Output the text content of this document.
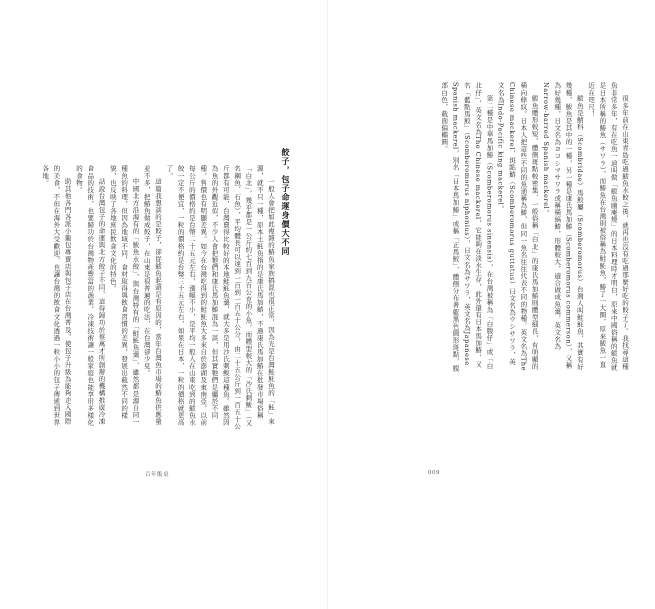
餃子，包子命運身價大不同

一般人會把如此複雜的鰆魚家族搞混也很正常，因為光是台灣鮭魠魚的「魠」來源，就不只一種，原本土魠魚指的是康氏馬加鰆，不過康氏馬加鰆在批發市場俗稱「白北」，幾乎都是一公斤約七百到九百公克的小魚，而體型較大的「沙氏刺鲅」（又名鋼魚、石魚），平均體長可以達到一百到一百五十公分，由二十五公斤到一百五十公斤都有可能，台灣賣得比較好的本地鮭魠魚羹，就大多是用沙氏刺鲅這種魚。雖然因為魚的外觀近似，不少人會把牠們和康氏馬加鰆混為一談，但其實牠們是屬於不同種，售價也有明顯差異。如今在台灣吃得到的鮭魠魚大多來自於澎湖及東南亞，以前每公斤的價格約是台幣二十五元左右，漲幅不小，是平均一般人在山東吃到的鮁魚水餃一定不便宜，一粒的價格約是台幣三十五元左右，如果在日本，一粒的價格就更高了。

這篇我想談的是餃子，卻從鮁魚起頭是有原因的，當年台灣魚市場的鰆魚供應量並不多，把鰆魚做成餃子，在山東是很普遍的吃法，在台灣卻少見。

中國北方沿海有的「鮁魚水餃」，與台灣特有的「鮭魠魚羹」，雖然都是源自同一種魚的料理，但因為地域不同、食材取得與飲食習慣的差異，發展出截然不同的樣貌，也反映了各地庶民飲食文化的特色。

話說台灣包子的命運與北方餃子不同，這得歸功於蔡萬才所創辦的機構推廣冷凍食品的技術，也要歸功於台灣物產豐富的漁業，冷凍技術讓一般家庭也能享用多樣化的食物。

助其他各門各派小籠包專賣店與包子店在台灣普及，使包子升級為能夠走入國際的美食，不但在海外大受歡迎，也讓台灣的飲食文化透過一粒小小的包子傳遞到世界各地。

百年飯桌

很多年前在山東青島吃過鮁魚水餃之後，就再也沒有吃過那麼好吃的餃子了。我找尋這種魚非常多年，有在吃魚一道叫做「鮁魚幽庵燒」的日本料理時才明白，原來中國俗稱的鮁魚就是日本所稱的鰆魚（サワラ），而鰆魚在台灣則被俗稱為鮭魠魚，鰆了一大圈，原來鮁魚一直近在咫尺！

鮁魚是鯖科（Scombridae）馬鮫屬（Scomberomorus）台灣人叫鮭魠魚，其實有好幾種，鮁魚是其中的一種，另一種是康氏馬加鰆（Scomberomorus commerson），又稱為好幾種，日文名為ヨコシマサワラ或稱橫縞鰆，形體較大，適合做成魚羹，英文名為Narrow-barred Spanish mackerel。

鮁魚體形較短，體側斑點較密集，一般俗稱「白北」的康氏馬加鰆則體型細長，有明顯的橫向條紋。日本人把這些不同的魚通稱為鰆，但同一魚名往往代表不同的物種，英文名為The Chinese mackerel，斑點鰆（Scomberomorus guttatus）日文名為ウシサワラ，英文名為Indo-Pacific king mackerel。

第二種是中華馬加鰆（Scomberomorus sinensis），在台灣被稱為「白腹仔」或「白北仔」，英文名為The Chinese mackerel，它能夠在淡水生存，此外還有日本馬加鰆，又名「藍點馬鮫」（Scomberomorus niphonius），日文名為サワラ，英文名為Japanese Spanish mackerel，別名「日本馬加鰆」或稱「正馬鮫」，體側分布著藍黑色圓形斑點，腹部白色，截面偏橢圓。

009
